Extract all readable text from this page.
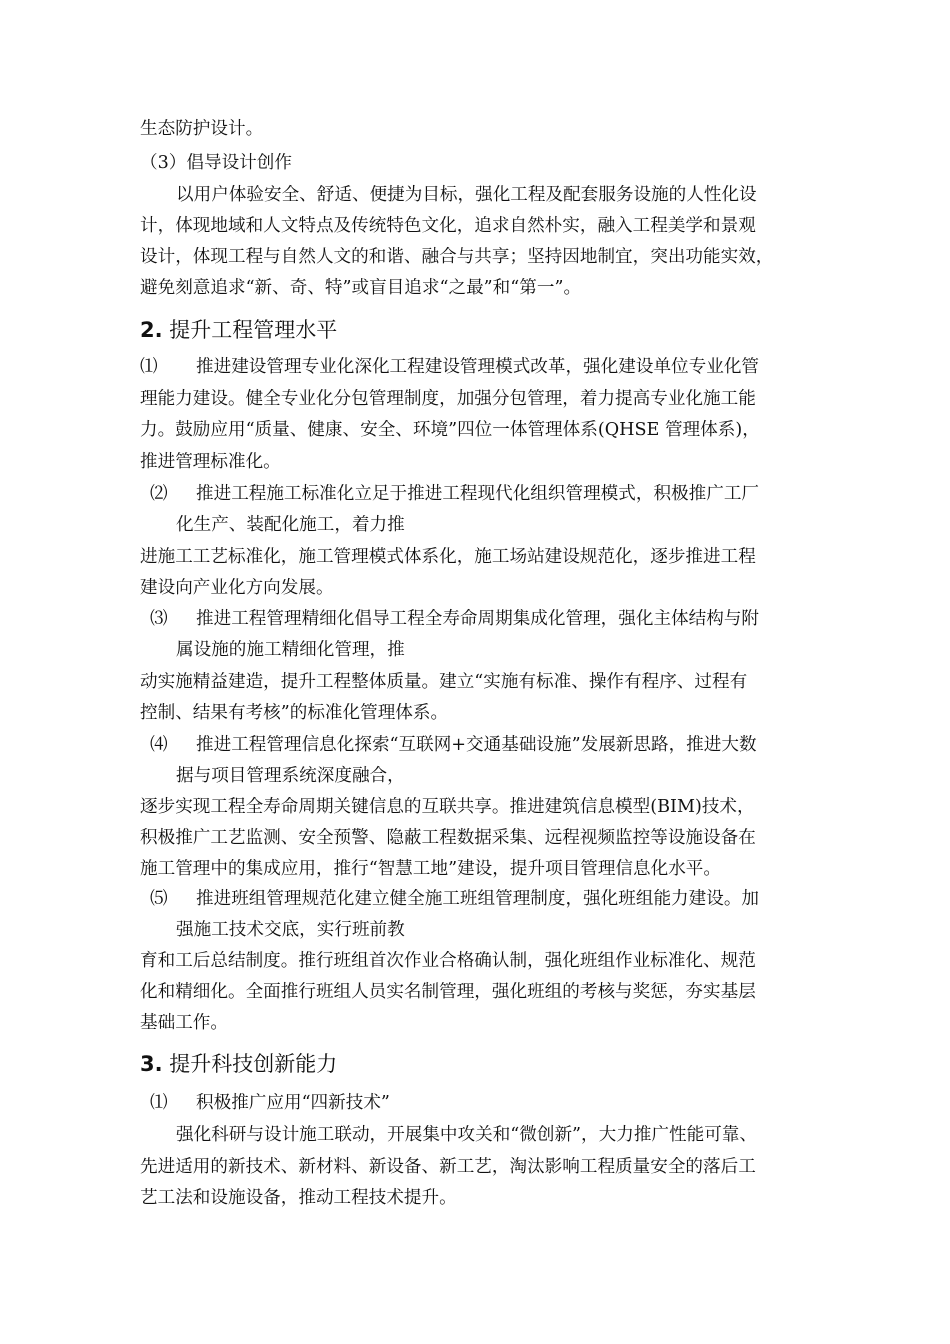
生态防护设计。
（3）倡导设计创作
以用户体验安全、舒适、便捷为目标，强化工程及配套服务设施的人性化设
计，体现地域和人文特点及传统特色文化，追求自然朴实，融入工程美学和景观
设计，体现工程与自然人文的和谐、融合与共享；坚持因地制宜，突出功能实效，
避免刻意追求“新、奇、特”或盲目追求“之最”和“第一”。
2. 提升工程管理水平
⑴ 推进建设管理专业化深化工程建设管理模式改革，强化建设单位专业化管
理能力建设。健全专业化分包管理制度，加强分包管理，着力提高专业化施工能
力。鼓励应用“质量、健康、安全、环境”四位一体管理体系(QHSE 管理体系)，
推进管理标准化。
⑵ 推进工程施工标准化立足于推进工程现代化组织管理模式，积极推广工厂
化生产、装配化施工，着力推
进施工工艺标准化，施工管理模式体系化，施工场站建设规范化，逐步推进工程
建设向产业化方向发展。
⑶ 推进工程管理精细化倡导工程全寿命周期集成化管理，强化主体结构与附
属设施的施工精细化管理，推
动实施精益建造，提升工程整体质量。建立“实施有标准、操作有程序、过程有
控制、结果有考核”的标准化管理体系。
⑷ 推进工程管理信息化探索“互联网+交通基础设施”发展新思路，推进大数
据与项目管理系统深度融合，
逐步实现工程全寿命周期关键信息的互联共享。推进建筑信息模型(BIM)技术，
积极推广工艺监测、安全预警、隐蔽工程数据采集、远程视频监控等设施设备在
施工管理中的集成应用，推行“智慧工地”建设，提升项目管理信息化水平。
⑸ 推进班组管理规范化建立健全施工班组管理制度，强化班组能力建设。加
强施工技术交底，实行班前教
育和工后总结制度。推行班组首次作业合格确认制，强化班组作业标准化、规范
化和精细化。全面推行班组人员实名制管理，强化班组的考核与奖惩，夯实基层
基础工作。
3. 提升科技创新能力
⑴ 积极推广应用“四新技术”
强化科研与设计施工联动，开展集中攻关和“微创新”，大力推广性能可靠、
先进适用的新技术、新材料、新设备、新工艺，淘汰影响工程质量安全的落后工
艺工法和设施设备，推动工程技术提升。
